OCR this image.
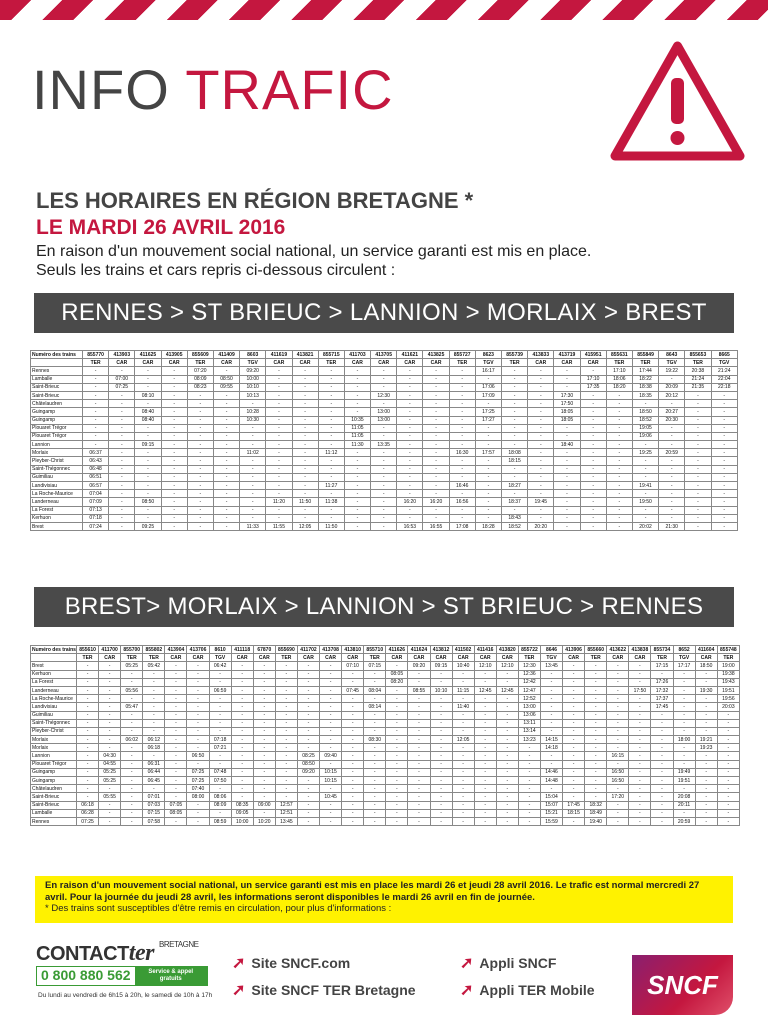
INFO TRAFIC
LES HORAIRES EN RÉGION BRETAGNE *
LE MARDI 26 AVRIL 2016
En raison d'un mouvement social national, un service garanti est mis en place.
Seuls les trains et cars repris ci-dessous circulent :
RENNES > ST BRIEUC > LANNION > MORLAIX > BREST
Numéro des trains	855770	413903	411625	413905	855609	411409	8603	411619	413821	855715	411703	413705	411621	413825	855727	8623	855739	413833	413719	415951	855631	855849	8643	855653	8665
	TER	CAR	CAR	CAR	TER	CAR	TGV	CAR	CAR	TER	CAR	CAR	CAR	CAR	TER	TGV	TER	CAR	CAR	CAR	TER	TER	TGV	TER	TGV
Rennes	-	-	-	-	07:20	-	09:20	-	-	-	-	-	-	-	-	16:17	-	-	-	-	17:10	17:44	19:22	20:38	21:24
Lamballe	-	07:00	-	-	08:09	08:50	10:00	-	-	-	-	-	-	-	-	-	-	-	-	17:10	18:06	18:22	-	21:24	22:04
Saint-Brieuc	-	07:25	-	-	08:23	09:55	10:10	-	-	-	-	-	-	-	-	17:06	-	-	-	17:35	18:20	18:38	20:09	21:35	22:18
Saint-Brieuc	-	-	08:10	-	-	-	10:13	-	-	-	-	12:30	-	-	-	17:09	-	-	17:30	-	-	18:35	20:12	-	-
Châtelaudren	-	-	-	-	-	-	-	-	-	-	-	-	-	-	-	-	-	-	17:50	-	-	-	-	-	-
Guingamp	-	-	08:40	-	-	-	10:28	-	-	-	-	13:00	-	-	-	17:25	-	-	18:05	-	-	18:50	20:27	-	-
Guingamp	-	-	08:40	-	-	-	10:30	-	-	-	10:35	13:00	-	-	-	17:27	-	-	18:05	-	-	18:52	20:30	-	-
Plouaret Trégor	-	-	-	-	-	-	-	-	-	-	11:05	-	-	-	-	-	-	-	-	-	-	19:05	-	-	-
Plouaret Trégor	-	-	-	-	-	-	-	-	-	-	11:05	-	-	-	-	-	-	-	-	-	-	19:06	-	-	-
Lannion	-	-	09:15	-	-	-	-	-	-	-	11:30	13:35	-	-	-	-	-	-	18:40	-	-	-	-	-	-
Morlaix	06:37	-	-	-	-	-	11:02	-	-	11:12	-	-	-	-	16:30	17:57	18:08	-	-	-	-	19:25	20:59	-	-
Pleyber-Christ	06:43	-	-	-	-	-	-	-	-	-	-	-	-	-	-	-	18:15	-	-	-	-	-	-	-	-
Saint-Thégonnec	06:48	-	-	-	-	-	-	-	-	-	-	-	-	-	-	-	-	-	-	-	-	-	-	-	-
Guimiliau	06:51	-	-	-	-	-	-	-	-	-	-	-	-	-	-	-	-	-	-	-	-	-	-	-	-
Landivisiau	06:57	-	-	-	-	-	-	-	-	11:27	-	-	-	-	16:46	-	18:27	-	-	-	-	19:41	-	-	-
La Roche-Maurice	07:04	-	-	-	-	-	-	-	-	-	-	-	-	-	-	-	-	-	-	-	-	-	-	-	-
Landerneau	07:09	-	08:50	-	-	-	-	11:20	11:50	11:38	-	-	16:20	16:20	16:56	-	18:37	19:45	-	-	-	19:50	-	-	-
La Forest	07:13	-	-	-	-	-	-	-	-	-	-	-	-	-	-	-	-	-	-	-	-	-	-	-	-
Kerhuon	07:18	-	-	-	-	-	-	-	-	-	-	-	-	-	-	-	18:43	-	-	-	-	-	-	-	-
Brest	07:24	-	09:25	-	-	-	11:33	11:55	12:05	11:50	-	-	16:53	16:55	17:08	18:28	18:52	20:20	-	-	-	20:02	21:30	-	-
BREST> MORLAIX > LANNION > ST BRIEUC > RENNES
Numéro des trains	855610	411700	855700	855802	413904	413706	8610	411118	67870	855690	411702	413708	413810	855710	411626	411624	413812	411502	411416	413820	855722	8646	413906	855660	413622	413838	855734	8652	411604	855748
	TER	CAR	TER	TER	CAR	CAR	TGV	CAR	CAR	TER	CAR	CAR	CAR	TER	CAR	CAR	CAR	CAR	CAR	CAR	TER	TGV	CAR	TER	CAR	CAR	TER	TGV	CAR	TER
Brest	-	-	05:25	05:42	-	-	06:42	-	-	-	-	-	07:10	07:15	-	09:20	09:15	10:40	12:10	12:10	12:30	13:45	-	-	-	-	17:15	17:17	18:50	19:00
Kerhuon	-	-	-	-	-	-	-	-	-	-	-	-	-	-	08:05	-	-	-	-	-	12:36	-	-	-	-	-	-	-	-	19:38
La Forest	-	-	-	-	-	-	-	-	-	-	-	-	-	-	08:20	-	-	-	-	-	12:42	-	-	-	-	-	17:26	-	-	19:43
Landerneau	-	-	05:56	-	-	-	06:59	-	-	-	-	-	07:45	08:04	-	08:55	10:10	11:15	12:45	12:45	12:47	-	-	-	-	17:50	17:32	-	19:30	19:51
La Roche-Maurice	-	-	-	-	-	-	-	-	-	-	-	-	-	-	-	-	-	-	-	-	12:52	-	-	-	-	-	17:37	-	-	19:56
Landivisiau	-	-	05:47	-	-	-	-	-	-	-	-	-	-	08:14	-	-	-	11:40	-	-	13:00	-	-	-	-	-	17:45	-	-	20:03
Guimiliau	-	-	-	-	-	-	-	-	-	-	-	-	-	-	-	-	-	-	-	-	13:06	-	-	-	-	-	-	-	-	-
Saint-Thégonnec	-	-	-	-	-	-	-	-	-	-	-	-	-	-	-	-	-	-	-	-	13:11	-	-	-	-	-	-	-	-	-
Pleyber-Christ	-	-	-	-	-	-	-	-	-	-	-	-	-	-	-	-	-	-	-	-	13:14	-	-	-	-	-	-	-	-	-
Morlaix	-	-	06:02	06:12	-	-	07:18	-	-	-	-	-	-	08:30	-	-	-	12:05	-	-	13:23	14:15	-	-	-	-	-	18:00	19:21	-
Morlaix	-	-	-	06:18	-	-	07:21	-	-	-	-	-	-	-	-	-	-	-	-	-	-	14:18	-	-	-	-	-	-	19:23	-
Lannion	-	04:30	-	-	-	06:50	-	-	-	-	08:25	09:40	-	-	-	-	-	-	-	-	-	-	-	-	16:15	-	-	-	-	-
Plouaret Trégor	-	04:55	-	06:31	-	-	-	-	-	-	08:50	-	-	-	-	-	-	-	-	-	-	-	-	-	-	-	-	-	-	-
Guingamp	-	05:25	-	06:44	-	07:25	07:48	-	-	-	09:20	10:15	-	-	-	-	-	-	-	-	-	14:46	-	-	16:50	-	-	19:49	-	-
Guingamp	-	05:25	-	06:45	-	07:25	07:50	-	-	-	-	10:15	-	-	-	-	-	-	-	-	-	14:48	-	-	16:50	-	-	19:51	-	-
Châtelaudren	-	-	-	-	-	07:40	-	-	-	-	-	-	-	-	-	-	-	-	-	-	-	-	-	-	-	-	-	-	-	-
Saint-Brieuc	-	05:55	-	07:01	-	08:00	08:06	-	-	-	-	10:45	-	-	-	-	-	-	-	-	-	15:04	-	-	17:20	-	-	20:08	-	-
Saint-Brieuc	06:18	-	-	07:03	07:05	-	08:09	08:35	09:00	12:57	-	-	-	-	-	-	-	-	-	-	-	15:07	17:45	18:32	-	-	-	20:11	-	-
Lamballe	06:28	-	-	07:15	08:05	-	-	09:05	-	12:51	-	-	-	-	-	-	-	-	-	-	-	15:21	18:15	18:49	-	-	-	-	-	-
Rennes	07:25	-	-	07:58	-	-	08:59	10:00	10:20	13:45	-	-	-	-	-	-	-	-	-	-	-	15:59	-	19:40	-	-	-	20:59	-	-
En raison d'un mouvement social national, un service garanti est mis en place les mardi 26 et jeudi 28 avril 2016. Le trafic est normal mercredi 27 avril. Pour la journée du jeudi 28 avril, les informations seront disponibles le mardi 26 avril en fin de journée.
* Des trains sont susceptibles d'être remis en circulation, pour plus d'informations :
CONTACTter $^{BRETAGNE}$
0 800 880 562	Service & appel gratuits
Du lundi au vendredi de 6h15 à 20h, le samedi de 10h à 17h
➚ Site SNCF.com
➚ Site SNCF TER Bretagne
➚ Appli SNCF
➚ Appli TER Mobile	SNCF
